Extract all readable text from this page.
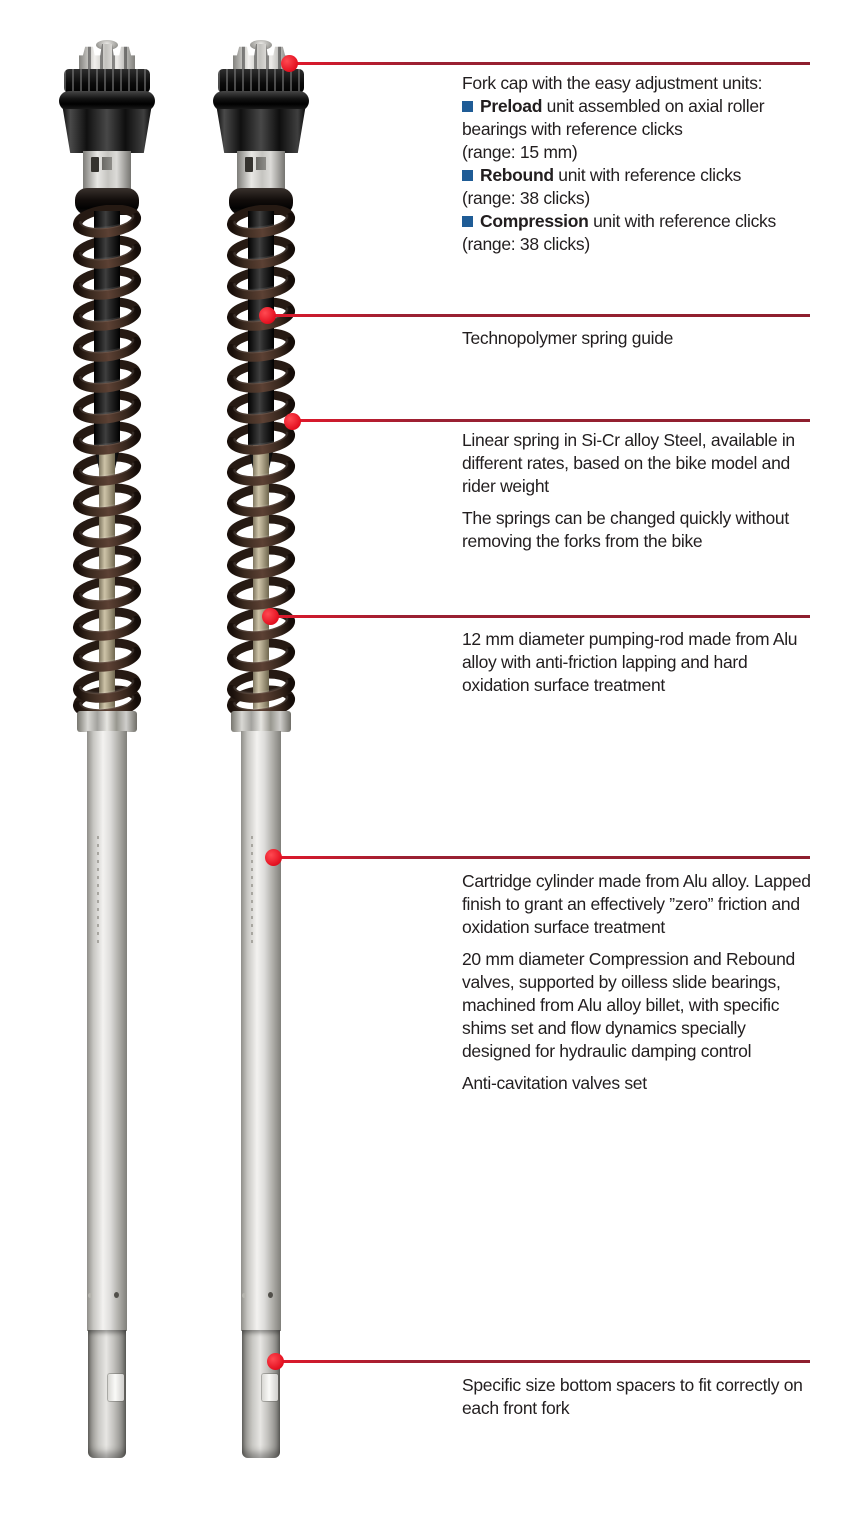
Fork cap with the easy adjustment units:

Preload unit assembled on axial roller bearings with reference clicks

(range: 15 mm)

Rebound unit with reference clicks

(range: 38 clicks)

Compression unit with reference clicks

(range: 38 clicks)

Technopolymer spring guide

Linear spring in Si-Cr alloy Steel, available in different rates, based on the bike model and rider weight

The springs can be changed quickly without removing the forks from the bike

12 mm diameter pumping-rod made from Alu alloy with anti-friction lapping and hard oxidation surface treatment

Cartridge cylinder made from Alu alloy. Lapped finish to grant an effectively ”zero” friction and oxidation surface treatment

20 mm diameter Compression and Rebound valves, supported by oilless slide bearings, machined from Alu alloy billet, with specific shims set and flow dynamics specially designed for hydraulic damping control

Anti-cavitation valves set

Specific size bottom spacers to fit correctly on each front fork
